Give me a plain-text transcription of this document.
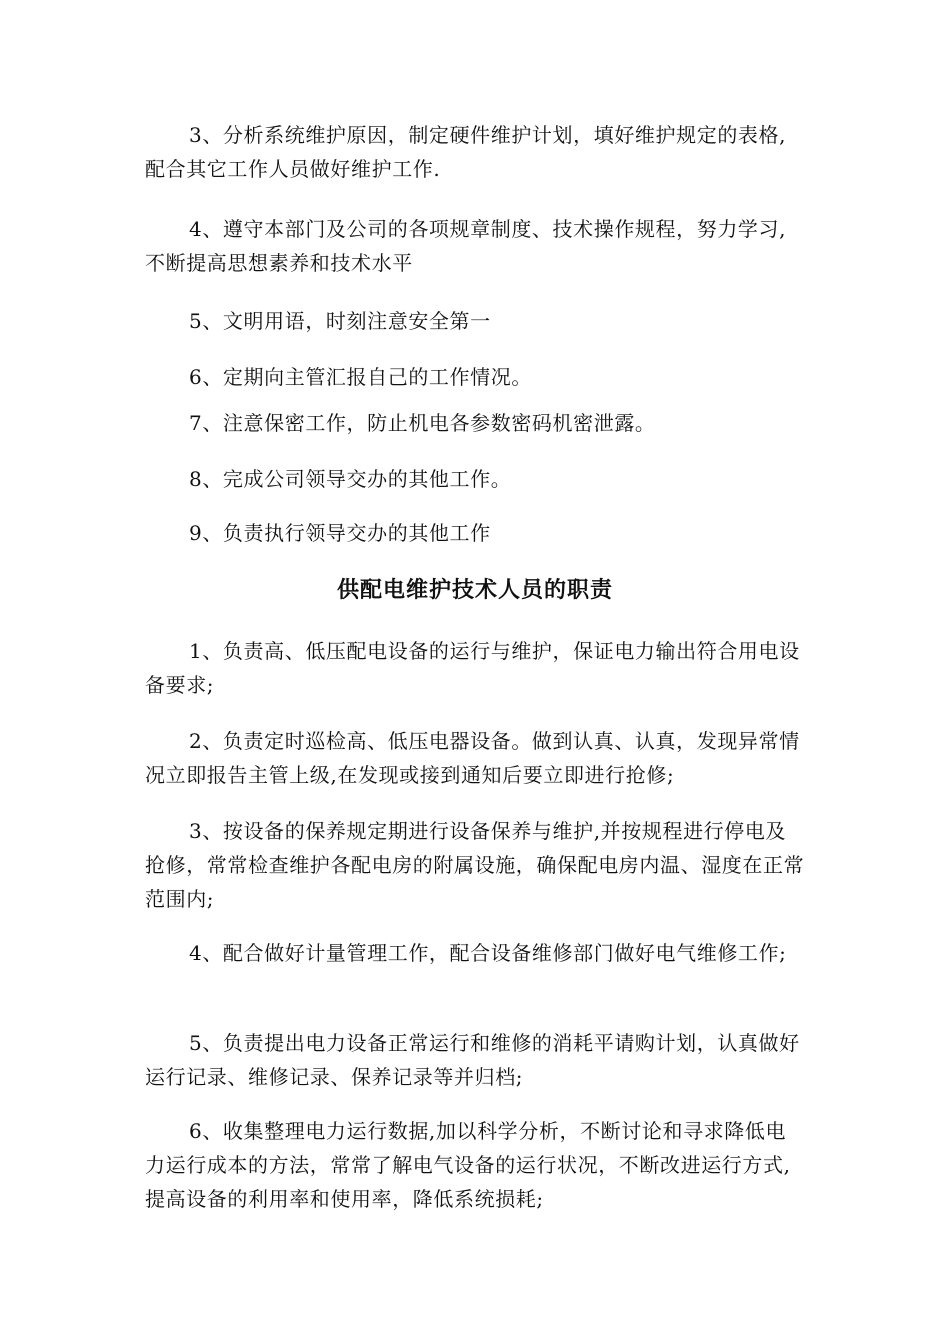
3、分析系统维护原因，制定硬件维护计划，填好维护规定的表格,配合其它工作人员做好维护工作.

4、遵守本部门及公司的各项规章制度、技术操作规程，努力学习,不断提高思想素养和技术水平

5、文明用语，时刻注意安全第一

6、定期向主管汇报自己的工作情况。

7、注意保密工作，防止机电各参数密码机密泄露。

8、完成公司领导交办的其他工作。

9、负责执行领导交办的其他工作

供配电维护技术人员的职责

1、负责高、低压配电设备的运行与维护，保证电力输出符合用电设备要求;

2、负责定时巡检高、低压电器设备。做到认真、认真，发现异常情况立即报告主管上级,在发现或接到通知后要立即进行抢修;

3、按设备的保养规定期进行设备保养与维护,并按规程进行停电及抢修，常常检查维护各配电房的附属设施，确保配电房内温、湿度在正常范围内;

4、配合做好计量管理工作，配合设备维修部门做好电气维修工作;

5、负责提出电力设备正常运行和维修的消耗平请购计划，认真做好运行记录、维修记录、保养记录等并归档;

6、收集整理电力运行数据,加以科学分析，不断讨论和寻求降低电力运行成本的方法，常常了解电气设备的运行状况，不断改进运行方式,提高设备的利用率和使用率，降低系统损耗;
